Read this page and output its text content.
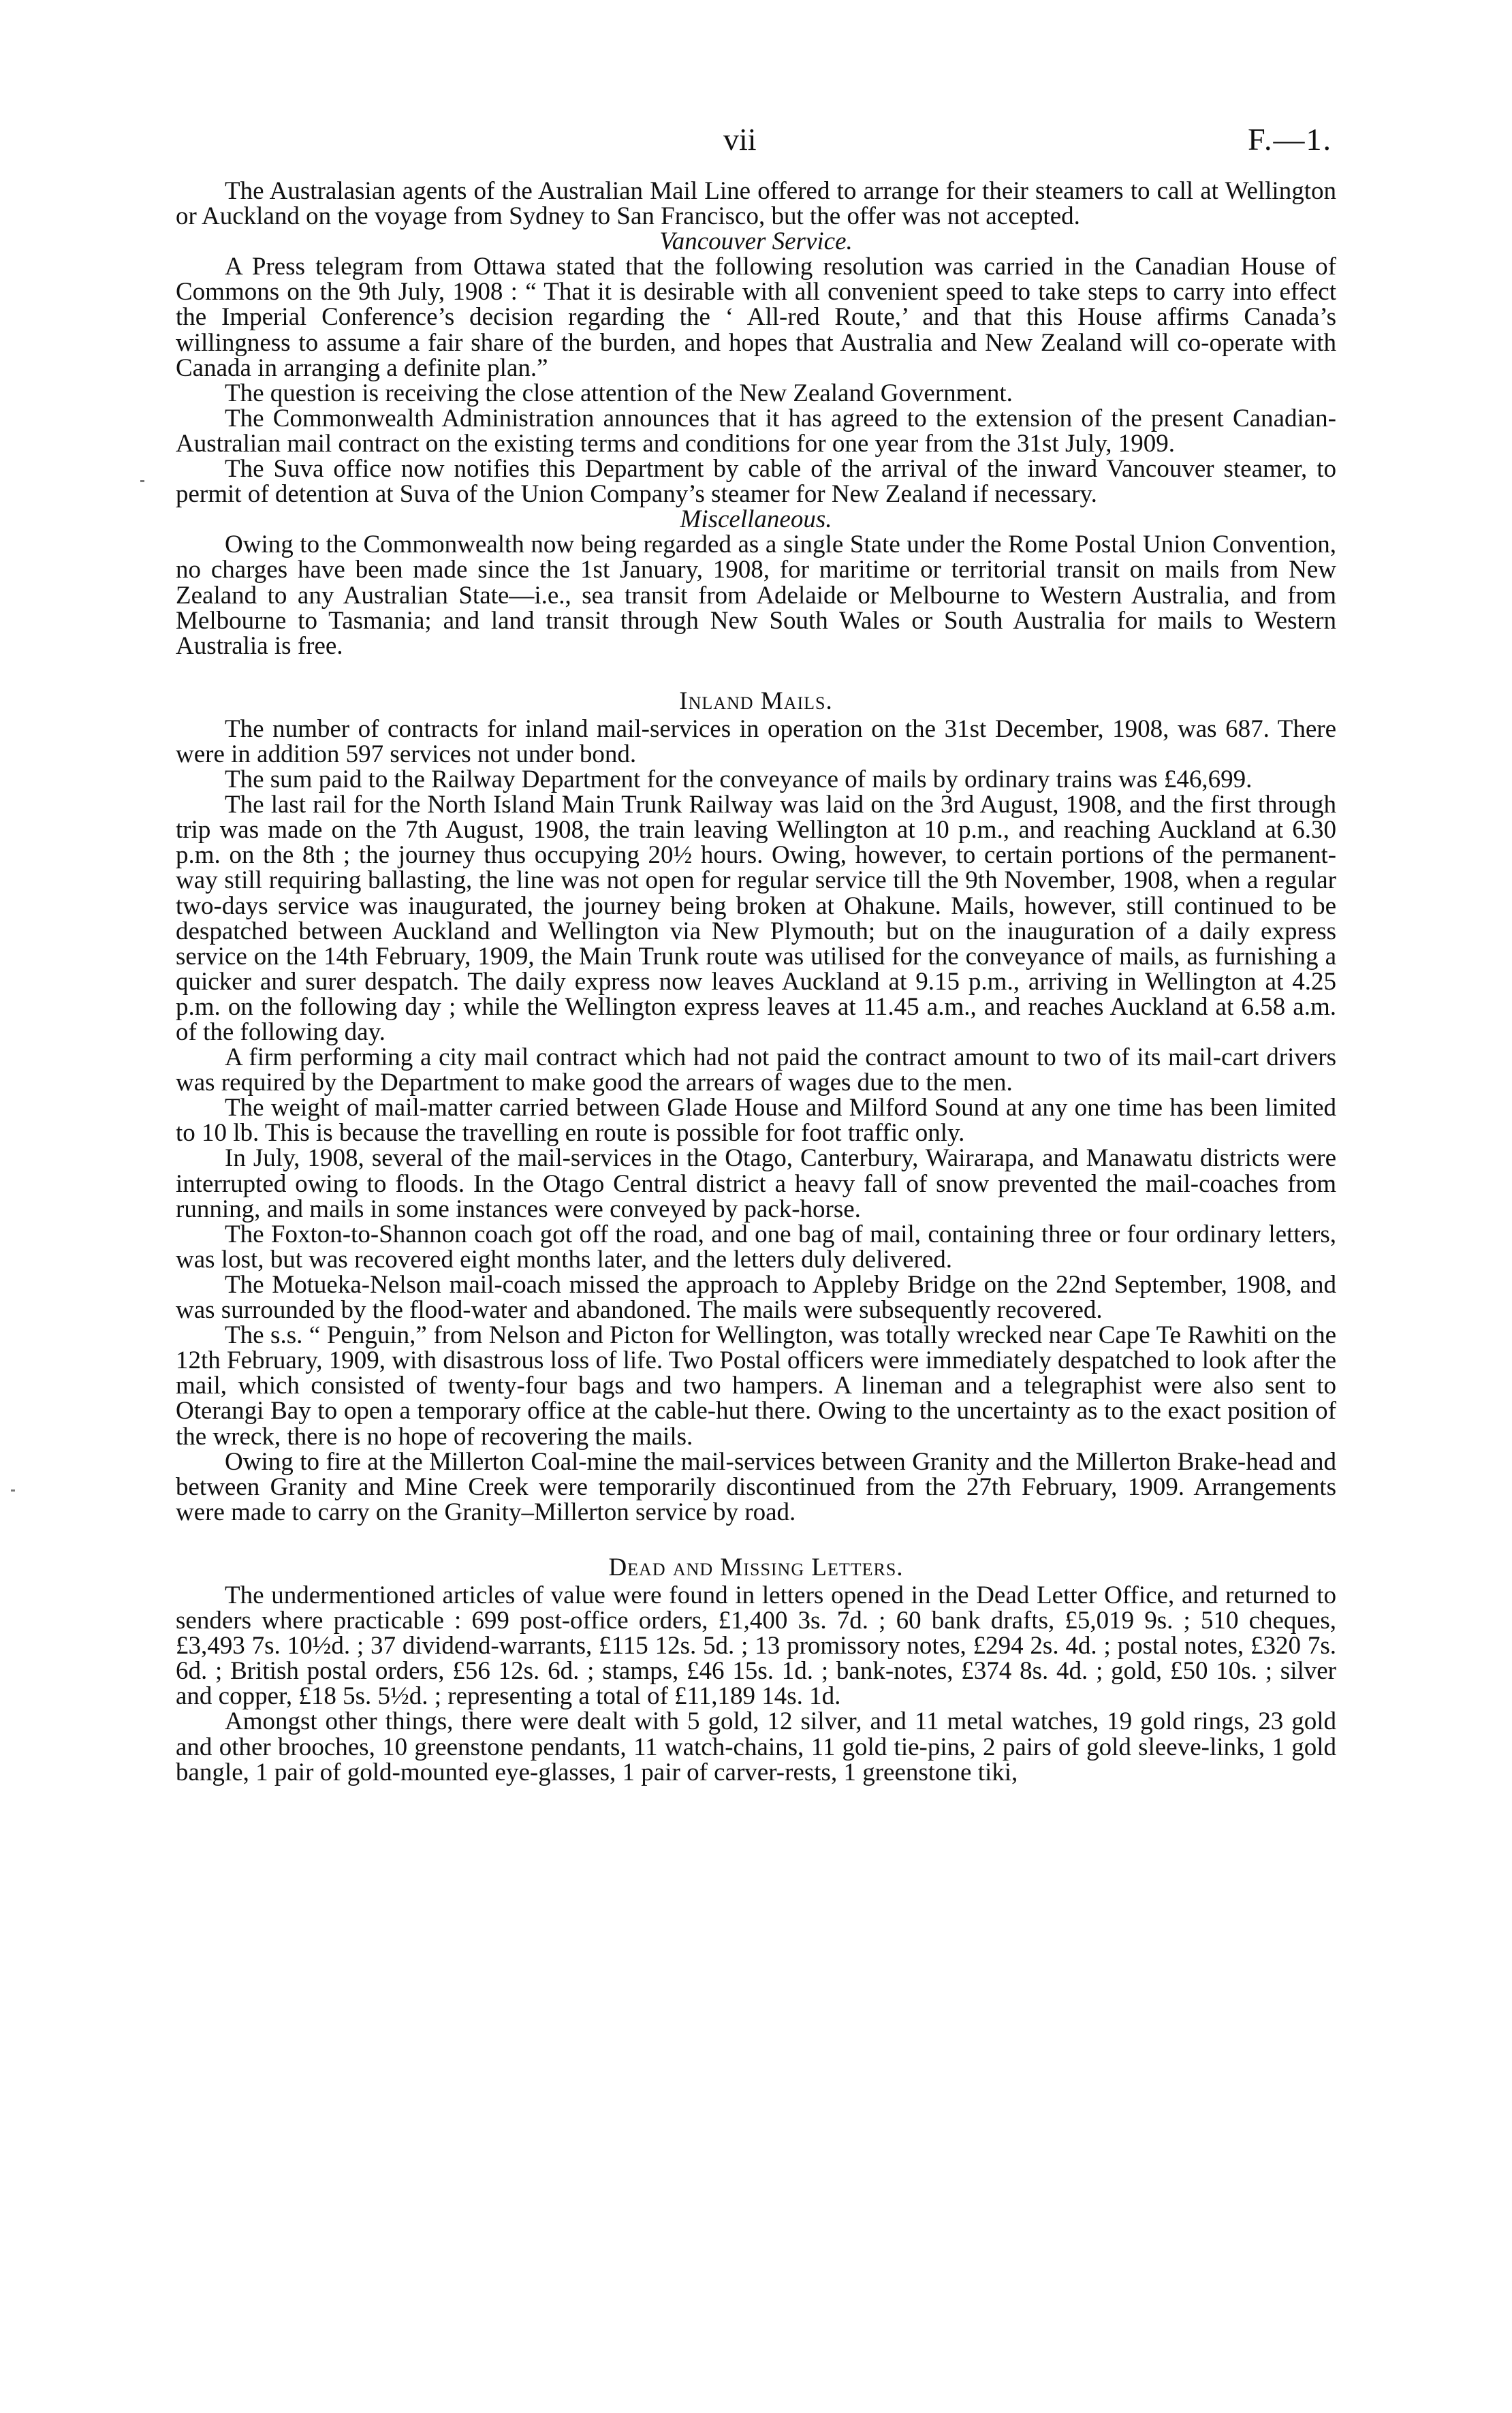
vii	F.—1.

The Australasian agents of the Australian Mail Line offered to arrange for their steamers to call at Wellington or Auckland on the voyage from Sydney to San Francisco, but the offer was not accepted.

Vancouver Service.

A Press telegram from Ottawa stated that the following resolution was carried in the Canadian House of Commons on the 9th July, 1908 : “ That it is desirable with all convenient speed to take steps to carry into effect the Imperial Conference’s decision regarding the ‘ All-red Route,’ and that this House affirms Canada’s willingness to assume a fair share of the burden, and hopes that Australia and New Zealand will co-operate with Canada in arranging a definite plan.”

The question is receiving the close attention of the New Zealand Government.

The Commonwealth Administration announces that it has agreed to the extension of the present Canadian-Australian mail contract on the existing terms and conditions for one year from the 31st July, 1909.

The Suva office now notifies this Department by cable of the arrival of the inward Vancouver steamer, to permit of detention at Suva of the Union Company’s steamer for New Zealand if necessary.

Miscellaneous.

Owing to the Commonwealth now being regarded as a single State under the Rome Postal Union Convention, no charges have been made since the 1st January, 1908, for maritime or territorial transit on mails from New Zealand to any Australian State—i.e., sea transit from Adelaide or Melbourne to Western Australia, and from Melbourne to Tasmania; and land transit through New South Wales or South Australia for mails to Western Australia is free.

Inland Mails.

The number of contracts for inland mail-services in operation on the 31st December, 1908, was 687. There were in addition 597 services not under bond.

The sum paid to the Railway Department for the conveyance of mails by ordinary trains was £46,699.

The last rail for the North Island Main Trunk Railway was laid on the 3rd August, 1908, and the first through trip was made on the 7th August, 1908, the train leaving Wellington at 10 p.m., and reaching Auckland at 6.30 p.m. on the 8th ; the journey thus occupying 20½ hours. Owing, however, to certain portions of the permanent-way still requiring ballasting, the line was not open for regular service till the 9th November, 1908, when a regular two-days service was inaugurated, the journey being broken at Ohakune. Mails, however, still continued to be despatched between Auckland and Wellington via New Plymouth; but on the inauguration of a daily express service on the 14th February, 1909, the Main Trunk route was utilised for the conveyance of mails, as furnishing a quicker and surer despatch. The daily express now leaves Auckland at 9.15 p.m., arriving in Wellington at 4.25 p.m. on the following day ; while the Wellington express leaves at 11.45 a.m., and reaches Auckland at 6.58 a.m. of the following day.

A firm performing a city mail contract which had not paid the contract amount to two of its mail-cart drivers was required by the Department to make good the arrears of wages due to the men.

The weight of mail-matter carried between Glade House and Milford Sound at any one time has been limited to 10 lb. This is because the travelling en route is possible for foot traffic only.

In July, 1908, several of the mail-services in the Otago, Canterbury, Wairarapa, and Manawatu districts were interrupted owing to floods. In the Otago Central district a heavy fall of snow prevented the mail-coaches from running, and mails in some instances were conveyed by pack-horse.

The Foxton-to-Shannon coach got off the road, and one bag of mail, containing three or four ordinary letters, was lost, but was recovered eight months later, and the letters duly delivered.

The Motueka-Nelson mail-coach missed the approach to Appleby Bridge on the 22nd September, 1908, and was surrounded by the flood-water and abandoned. The mails were subsequently recovered.

The s.s. “ Penguin,” from Nelson and Picton for Wellington, was totally wrecked near Cape Te Rawhiti on the 12th February, 1909, with disastrous loss of life. Two Postal officers were immediately despatched to look after the mail, which consisted of twenty-four bags and two hampers. A lineman and a telegraphist were also sent to Oterangi Bay to open a temporary office at the cable-hut there. Owing to the uncertainty as to the exact position of the wreck, there is no hope of recovering the mails.

Owing to fire at the Millerton Coal-mine the mail-services between Granity and the Millerton Brake-head and between Granity and Mine Creek were temporarily discontinued from the 27th February, 1909. Arrangements were made to carry on the Granity–Millerton service by road.

Dead and Missing Letters.

The undermentioned articles of value were found in letters opened in the Dead Letter Office, and returned to senders where practicable : 699 post-office orders, £1,400 3s. 7d. ; 60 bank drafts, £5,019 9s. ; 510 cheques, £3,493 7s. 10½d. ; 37 dividend-warrants, £115 12s. 5d. ; 13 promissory notes, £294 2s. 4d. ; postal notes, £320 7s. 6d. ; British postal orders, £56 12s. 6d. ; stamps, £46 15s. 1d. ; bank-notes, £374 8s. 4d. ; gold, £50 10s. ; silver and copper, £18 5s. 5½d. ; representing a total of £11,189 14s. 1d.

Amongst other things, there were dealt with 5 gold, 12 silver, and 11 metal watches, 19 gold rings, 23 gold and other brooches, 10 greenstone pendants, 11 watch-chains, 11 gold tie-pins, 2 pairs of gold sleeve-links, 1 gold bangle, 1 pair of gold-mounted eye-glasses, 1 pair of carver-rests, 1 greenstone tiki,
